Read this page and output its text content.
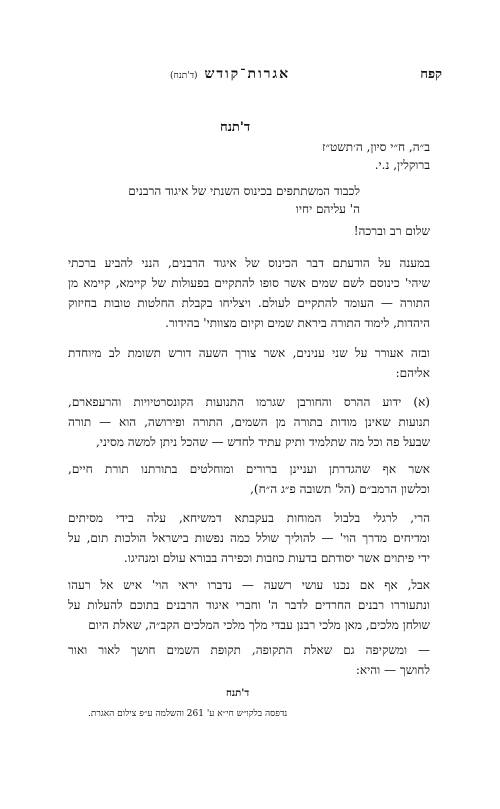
קפח
אגרות־קודש (ד'תנח)
ד'תנח
ב״ה, ח״י סיון, ה׳תשט״ז
ברוקלין, נ.י.
לכבוד המשתתפים בכינוס השנתי של איגוד הרבנים
ה' עליהם יחיו
שלום רב וברכה!
במענה על הודעתם דבר הכינוס של איגוד הרבנים, הנני להביע ברכתי
שיהי' כינוסם לשם שמים אשר סופו להתקיים בפעולות של קיימא, קיימא מן
התורה — העומד להתקיים לעולם. ויצליחו בקבלת החלטות טובות בחיזוק
היהדות, לימוד התורה ביראת שמים וקיום מצוותי' בהידור.
ובזה אעורר על שני ענינים, אשר צורך השעה דורש תשומת לב מיוחדת
אליהם:
(א) ידוע ההרס והחורבן שגרמו התנועות הקונסרטיויות והרעפארם,
תנועות שאינן מודות בתורה מן השמים, התורה ופירושה, הוא — תורה
שבעל פה וכל מה שתלמיד ותיק עתיד לחדש — שהכל ניתן למשה מסיני,
אשר אף שהגדרתן ועניינן ברורים ומוחלטים בתורתנו תורת חיים,
וכלשון הרמב״ם (הל' תשובה פ״ג ה״ח),
הרי, לרגלי בלבול המוחות בעקבתא דמשיחא, עלה בידי מסיתים
ומדיחים מדרך הוי' — להוליך שולל כמה נפשות בישראל הולכות תום, על
ידי פיתוים אשר יסודתם בדעות כוזבות וכפירה בבורא עולם ומנהיגו.
אבל, אף אם נכנו עושי רשעה — נדברו יראי הוי' איש אל רעהו
ונתעוררו רבנים החרדים לדבר ה' וחברי איגוד הרבנים בתוכם להעלות על
שולחן מלכים, מאן מלכי רבנן עבדי מלך מלכי המלכים הקב״ה, שאלת היום
— ומשקיפה גם שאלת התקופה, תקופת השמים חושך לאור ואור
לחושך — והיא:
ד'תנח
נדפסה בלקו״ש חי״א ע' 261 והשלמה ע״פ צילום האגרת.
